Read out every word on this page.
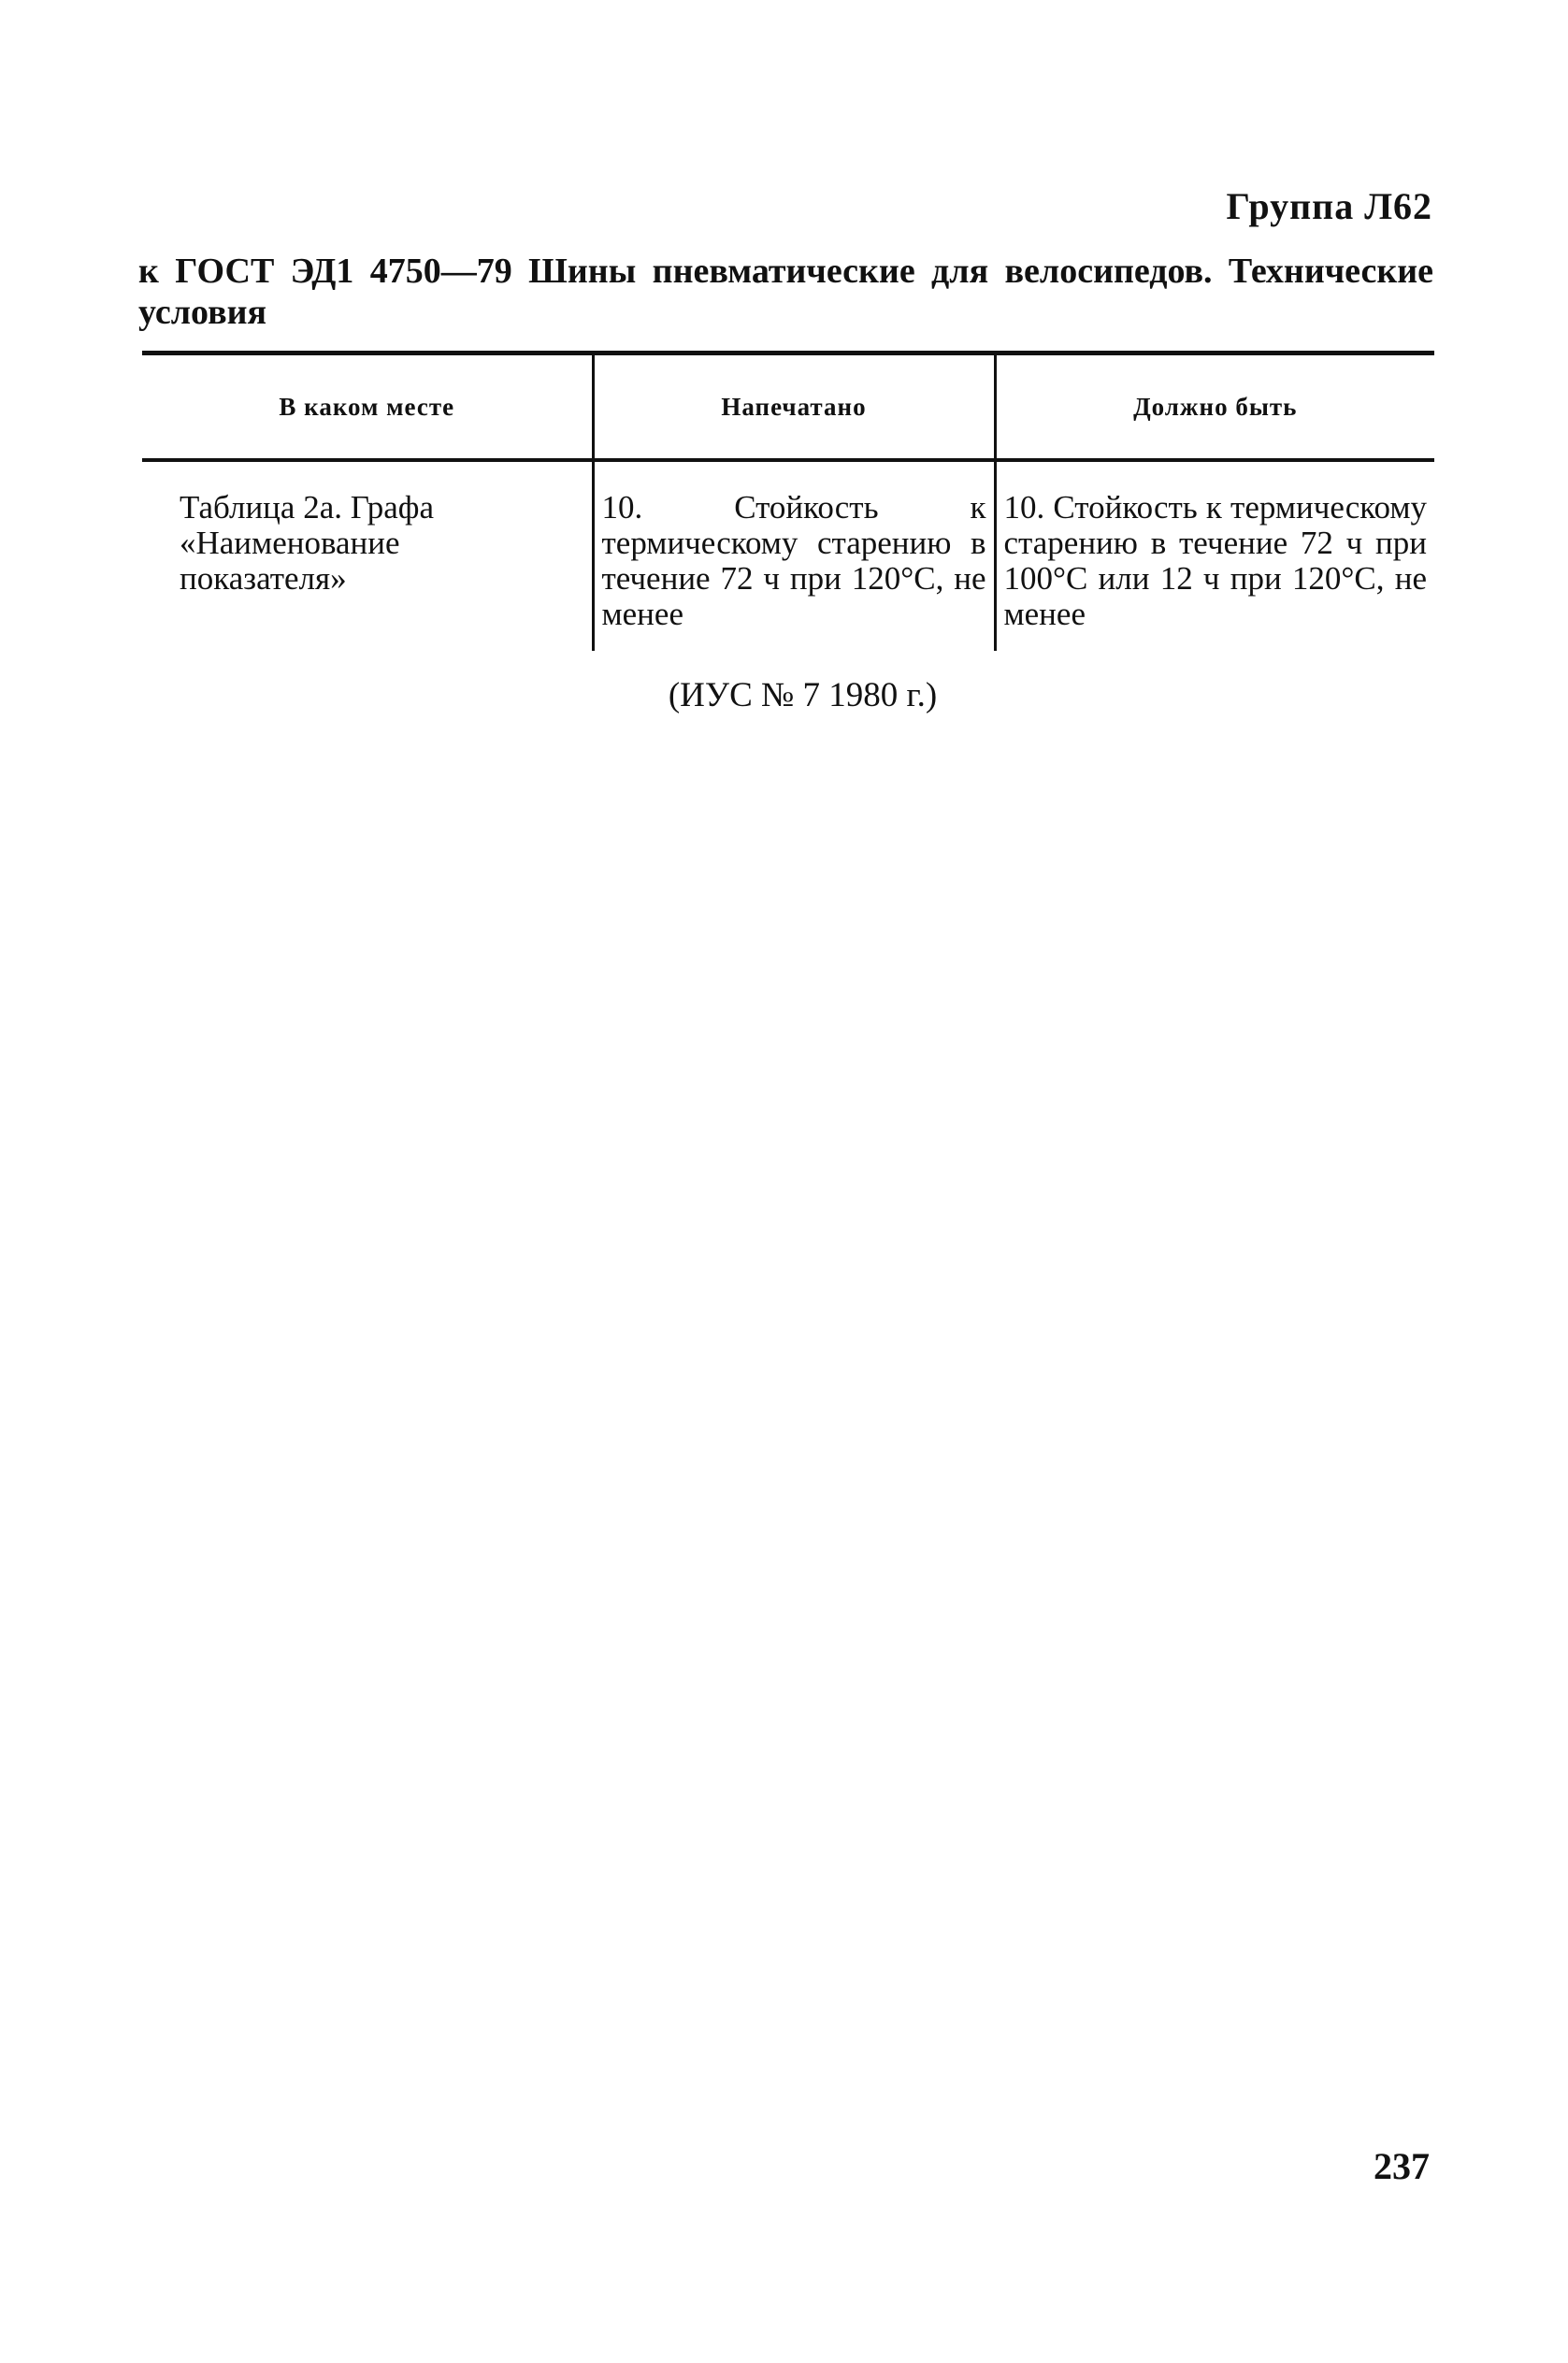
Группа Л62
к ГОСТ ЭД1 4750—79 Шины пневматические для велосипедов. Технические условия
В каком месте	Напечатано	Должно быть

Таблица 2а. Графа «Наименование показателя»	10. Стойкость к термическому старению в течение 72 ч при 120°С, не менее	10. Стойкость к термическому старению в течение 72 ч при 100°С или 12 ч при 120°С, не менее
(ИУС № 7 1980 г.)
237
